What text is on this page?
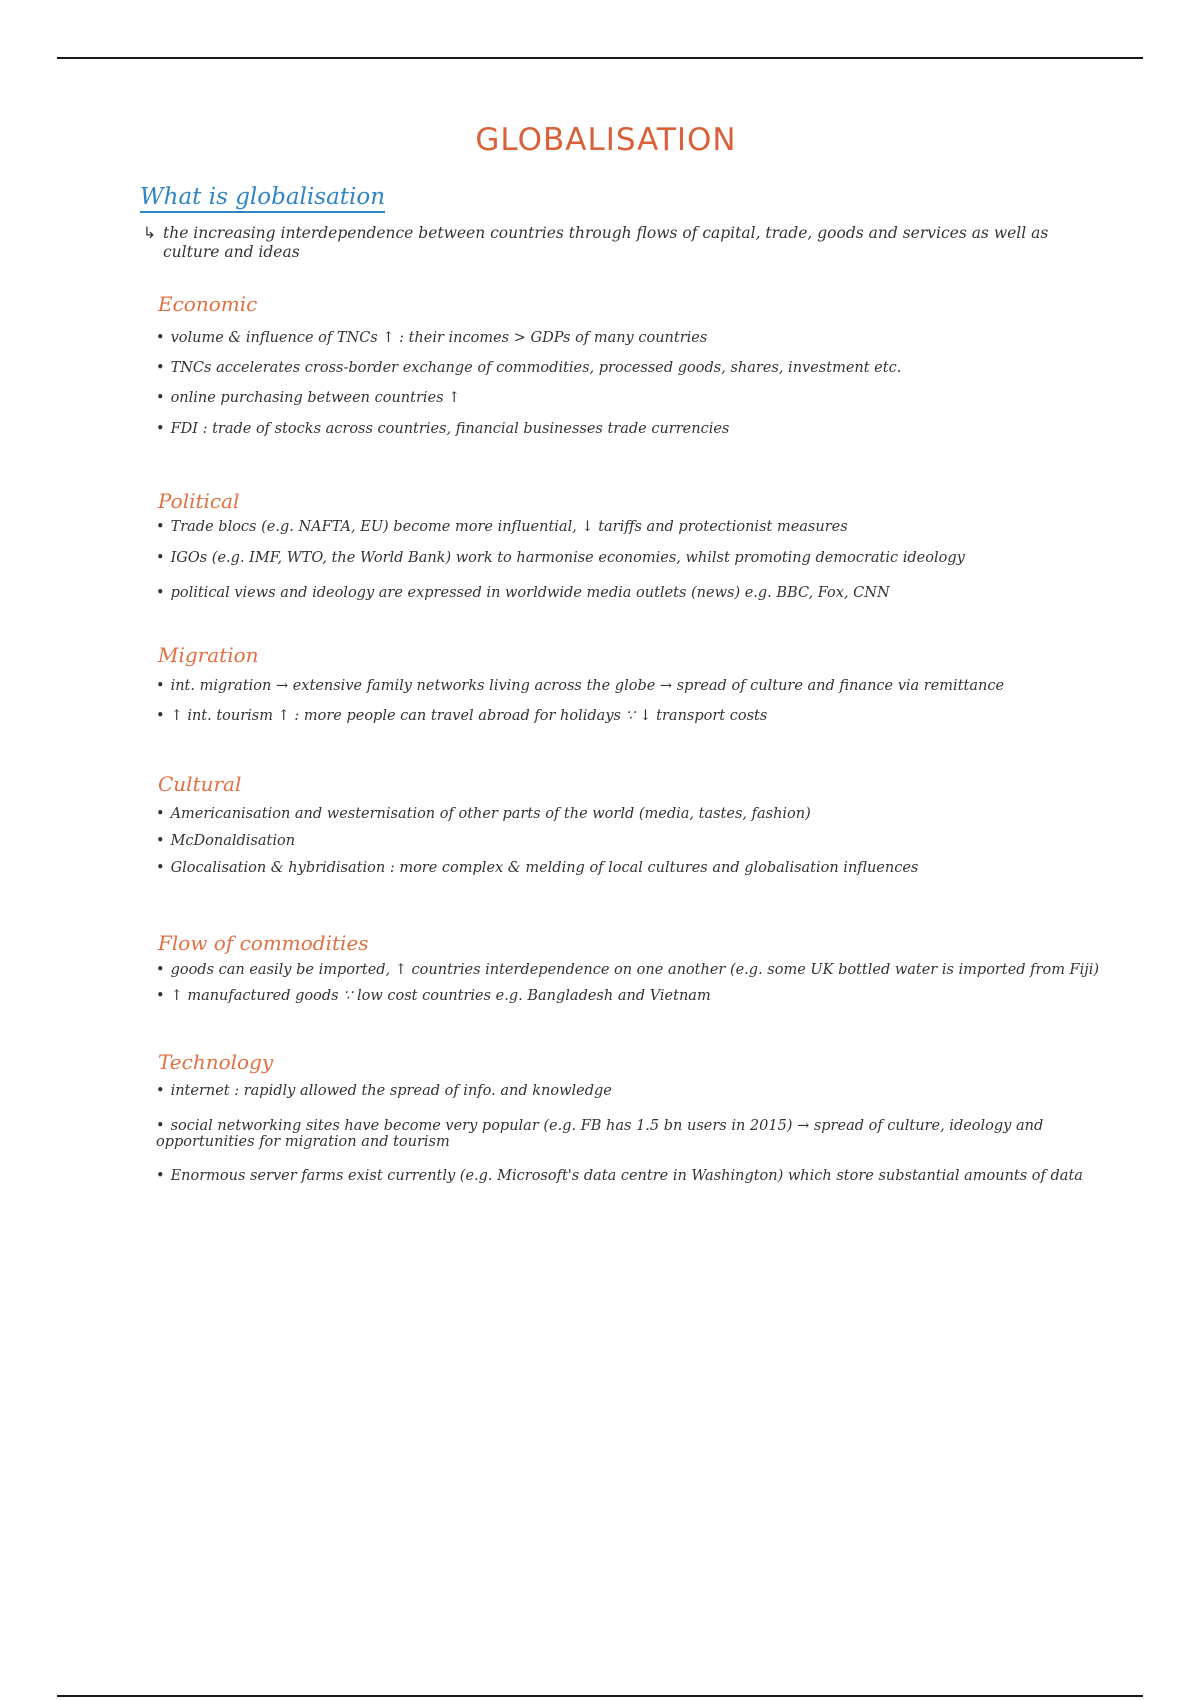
GLOBALISATION
What is globalisation
↳ the increasing interdependence between countries through flows of capital, trade, goods and services as well as culture and ideas
Economic
• volume & influence of TNCs ↑ : their incomes > GDPs of many countries
• TNCs accelerates cross-border exchange of commodities, processed goods, shares, investment etc.
• online purchasing between countries ↑
• FDI : trade of stocks across countries, financial businesses trade currencies
Political
• Trade blocs (e.g. NAFTA, EU) become more influential, ↓ tariffs and protectionist measures
• IGOs (e.g. IMF, WTO, the World Bank) work to harmonise economies, whilst promoting democratic ideology
• political views and ideology are expressed in worldwide media outlets (news) e.g. BBC, Fox, CNN
Migration
• int. migration → extensive family networks living across the globe → spread of culture and finance via remittance
• ↑ int. tourism ↑ : more people can travel abroad for holidays ∵ ↓ transport costs
Cultural
• Americanisation and westernisation of other parts of the world (media, tastes, fashion)
• McDonaldisation
• Glocalisation & hybridisation : more complex & melding of local cultures and globalisation influences
Flow of commodities
• goods can easily be imported, ↑ countries interdependence on one another (e.g. some UK bottled water is imported from Fiji)
• ↑ manufactured goods ∵ low cost countries e.g. Bangladesh and Vietnam
Technology
• internet : rapidly allowed the spread of info. and knowledge
• social networking sites have become very popular (e.g. FB has 1.5 bn users in 2015) → spread of culture, ideology and opportunities for migration and tourism
• Enormous server farms exist currently (e.g. Microsoft's data centre in Washington) which store substantial amounts of data
